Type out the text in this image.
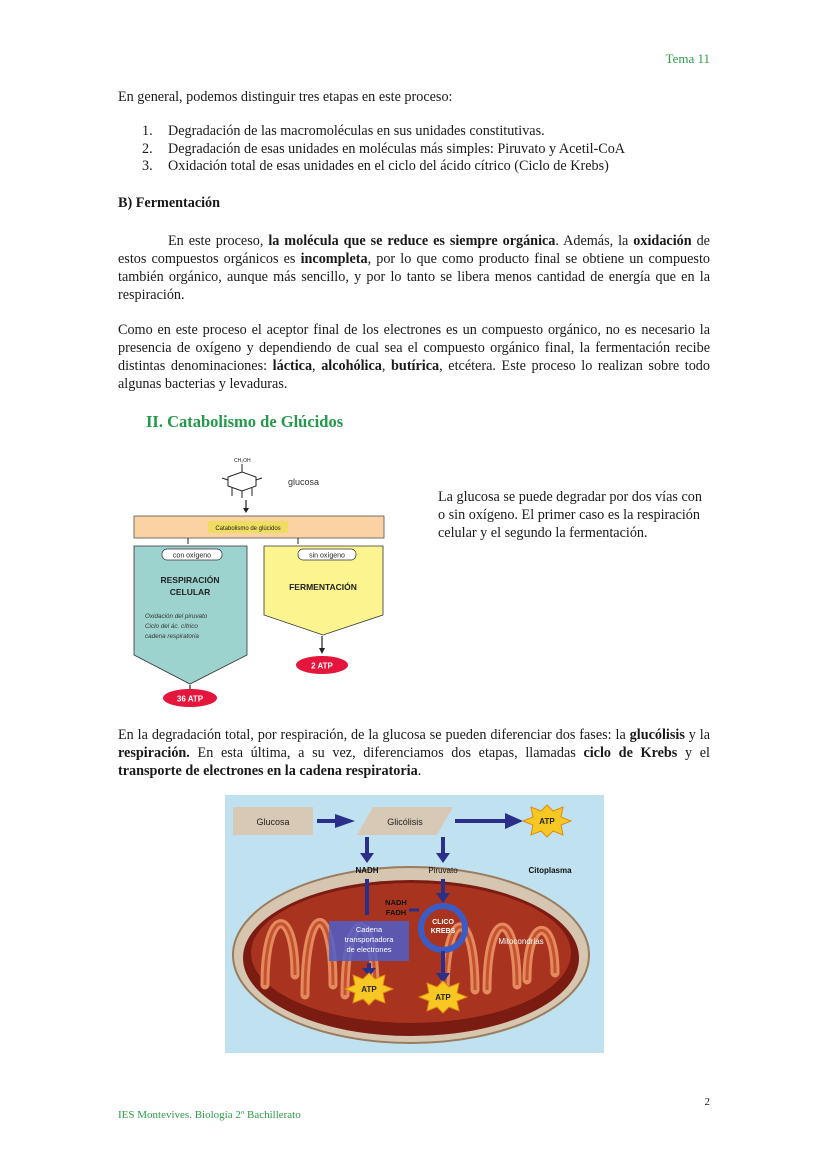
Tema 11
En general, podemos distinguir tres etapas en este proceso:
1. Degradación de las macromoléculas en sus unidades constitutivas.
2. Degradación de esas unidades en moléculas más simples: Piruvato y Acetil-CoA
3. Oxidación total de esas unidades en el ciclo del ácido cítrico (Ciclo de Krebs)
B) Fermentación
En este proceso, la molécula que se reduce es siempre orgánica. Además, la oxidación de estos compuestos orgánicos es incompleta, por lo que como producto final se obtiene un compuesto también orgánico, aunque más sencillo, y por lo tanto se libera menos cantidad de energía que en la respiración.
Como en este proceso el aceptor final de los electrones es un compuesto orgánico, no es necesario la presencia de oxígeno y dependiendo de cual sea el compuesto orgánico final, la fermentación recibe distintas denominaciones: láctica, alcohólica, butírica, etcétera. Este proceso lo realizan sobre todo algunas bacterias y levaduras.
II. Catabolismo de Glúcidos
CH₂OH
glucosa
Catabolismo de glúcidos
con oxígeno
RESPIRACIÓN
CELULAR
Oxidación del piruvato
Ciclo del ác. cítrico
cadena respiratoria
sin oxígeno
FERMENTACIÓN
2 ATP
36 ATP
La glucosa se puede degradar por dos vías con o sin oxígeno. El primer caso es la respiración celular y el segundo la fermentación.
En la degradación total, por respiración, de la glucosa se pueden diferenciar dos fases: la glucólisis y la respiración. En esta última, a su vez, diferenciamos dos etapas, llamadas ciclo de Krebs y el transporte de electrones en la cadena respiratoria.
Glucosa	Glicólisis	ATP
NADH	Piruvato	Citoplasma
CLICO
KREBS
NADH
FADH
Cadena
transportadora
de electrones
Mitocondrias
ATP
ATP
2
IES Montevives. Biología 2º Bachillerato
